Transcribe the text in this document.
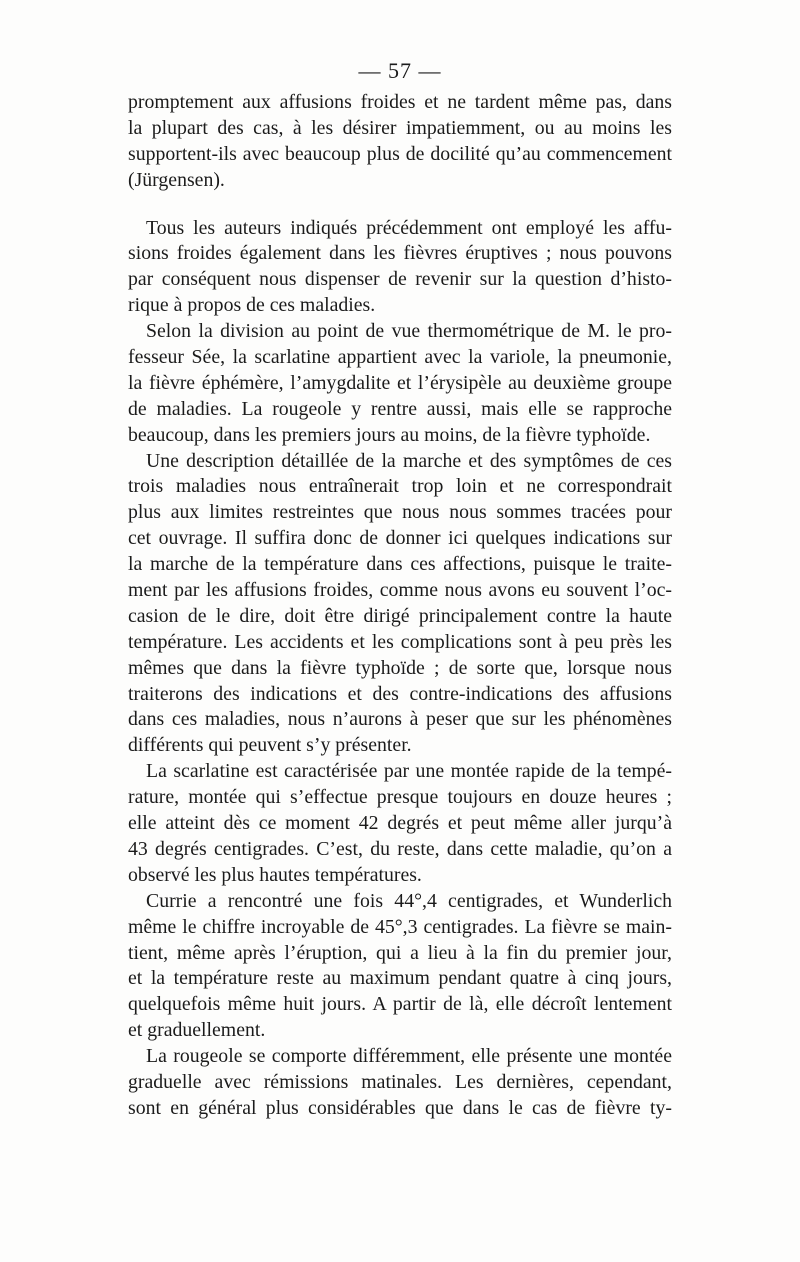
— 57 —
promptement aux affusions froides et ne tardent même pas, dans
la plupart des cas, à les désirer impatiemment, ou au moins les
supportent-ils avec beaucoup plus de docilité qu’au commencement
(Jürgensen).
Tous les auteurs indiqués précédemment ont employé les affu-
sions froides également dans les fièvres éruptives ; nous pouvons
par conséquent nous dispenser de revenir sur la question d’histo-
rique à propos de ces maladies.
Selon la division au point de vue thermométrique de M. le pro-
fesseur Sée, la scarlatine appartient avec la variole, la pneumonie,
la fièvre éphémère, l’amygdalite et l’érysipèle au deuxième groupe
de maladies. La rougeole y rentre aussi, mais elle se rapproche
beaucoup, dans les premiers jours au moins, de la fièvre typhoïde.
Une description détaillée de la marche et des symptômes de ces
trois maladies nous entraînerait trop loin et ne correspondrait
plus aux limites restreintes que nous nous sommes tracées pour
cet ouvrage. Il suffira donc de donner ici quelques indications sur
la marche de la température dans ces affections, puisque le traite-
ment par les affusions froides, comme nous avons eu souvent l’oc-
casion de le dire, doit être dirigé principalement contre la haute
température. Les accidents et les complications sont à peu près les
mêmes que dans la fièvre typhoïde ; de sorte que, lorsque nous
traiterons des indications et des contre-indications des affusions
dans ces maladies, nous n’aurons à peser que sur les phénomènes
différents qui peuvent s’y présenter.
La scarlatine est caractérisée par une montée rapide de la tempé-
rature, montée qui s’effectue presque toujours en douze heures ;
elle atteint dès ce moment 42 degrés et peut même aller jurqu’à
43 degrés centigrades. C’est, du reste, dans cette maladie, qu’on a
observé les plus hautes températures.
Currie a rencontré une fois 44°,4 centigrades, et Wunderlich
même le chiffre incroyable de 45°,3 centigrades. La fièvre se main-
tient, même après l’éruption, qui a lieu à la fin du premier jour,
et la température reste au maximum pendant quatre à cinq jours,
quelquefois même huit jours. A partir de là, elle décroît lentement
et graduellement.
La rougeole se comporte différemment, elle présente une montée
graduelle avec rémissions matinales. Les dernières, cependant,
sont en général plus considérables que dans le cas de fièvre ty-
